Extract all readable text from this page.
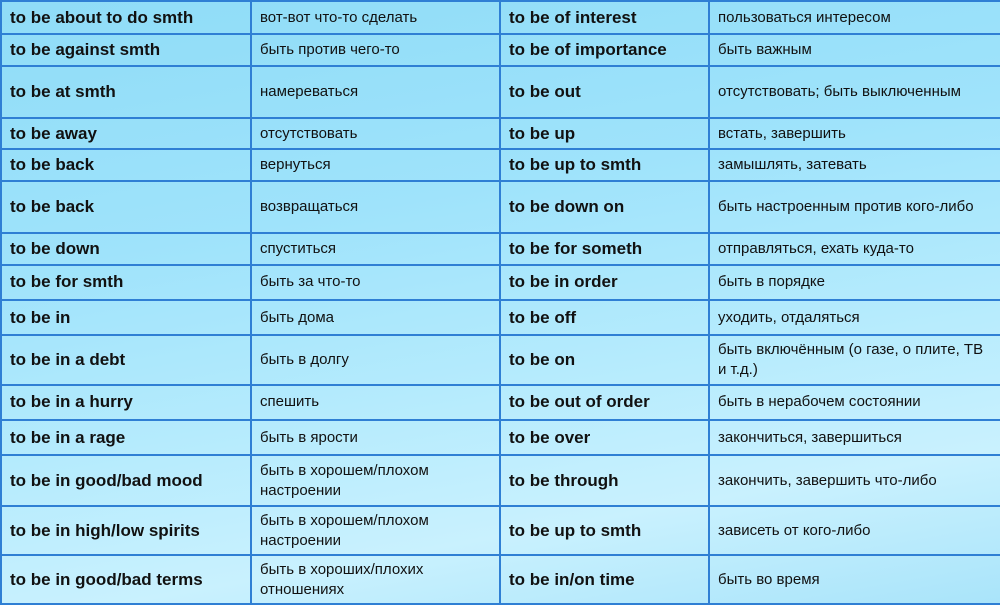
to be about to do smth	вот-вот что-то сделать	to be of interest	пользоваться интересом
to be against smth	быть против чего-то	to be of importance	быть важным
to be at smth	намереваться	to be out	отсутствовать; быть выключенным
to be away	отсутствовать	to be up	встать, завершить
to be back	вернуться	to be up to smth	замышлять, затевать
to be back	возвращаться	to be down on	быть настроенным против кого-либо
to be down	спуститься	to be for someth	отправляться, ехать куда-то
to be for smth	быть за что-то	to be in order	быть в порядке
to be in	быть дома	to be off	уходить, отдаляться
to be in a debt	быть в долгу	to be on	быть включённым (о газе, о плите, ТВ и т.д.)
to be in a hurry	спешить	to be out of order	быть в нерабочем состоянии
to be in a rage	быть в ярости	to be over	закончиться, завершиться
to be in good/bad mood	быть в хорошем/плохом настроении	to be through	закончить, завершить что-либо
to be in high/low spirits	быть в хорошем/плохом настроении	to be up to smth	зависеть от кого-либо
to be in good/bad terms	быть в хороших/плохих отношениях	to be in/on time	быть во время
